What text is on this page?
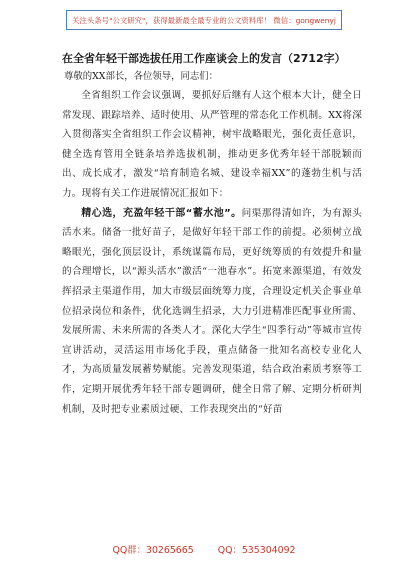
关注头条号"公文研究"，获得最新最全最专业的公文资料库！ 微信：gongwenyj

在全省年轻干部选拔任用工作座谈会上的发言（2712字）

尊敬的XX部长，各位领导，同志们：

全省组织工作会议强调，要抓好后继有人这个根本大计，健全日常发现、跟踪培养、适时使用、从严管理的常态化工作机制。XX将深入贯彻落实全省组织工作会议精神，树牢战略眼光，强化责任意识，健全选育管用全链条培养选拔机制，推动更多优秀年轻干部脱颖而出、成长成才，激发“培育制造名城、建设幸福XX”的蓬勃生机与活力。现将有关工作进展情况汇报如下：

精心选，充盈年轻干部“蓄水池”。问渠那得清如许，为有源头活水来。储备一批好苗子，是做好年轻干部工作的前提。必须树立战略眼光，强化顶层设计，系统谋篇布局，更好统筹质的有效提升和量的合理增长，以“源头活水”激活“一池春水”。拓宽来源渠道，有效发挥招录主渠道作用，加大市级层面统筹力度，合理设定机关企事业单位招录岗位和条件，优化选调生招录，大力引进精准匹配事业所需、发展所需、未来所需的各类人才。深化大学生“四季行动”等城市宣传宣讲活动，灵活运用市场化手段，重点储备一批知名高校专业化人才，为高质量发展蓄势赋能。完善发现渠道，结合政治素质考察等工作，定期开展优秀年轻干部专题调研，健全日常了解、定期分析研判机制，及时把专业素质过硬、工作表现突出的“好苗

QQ群：30265665	QQ：535304092
